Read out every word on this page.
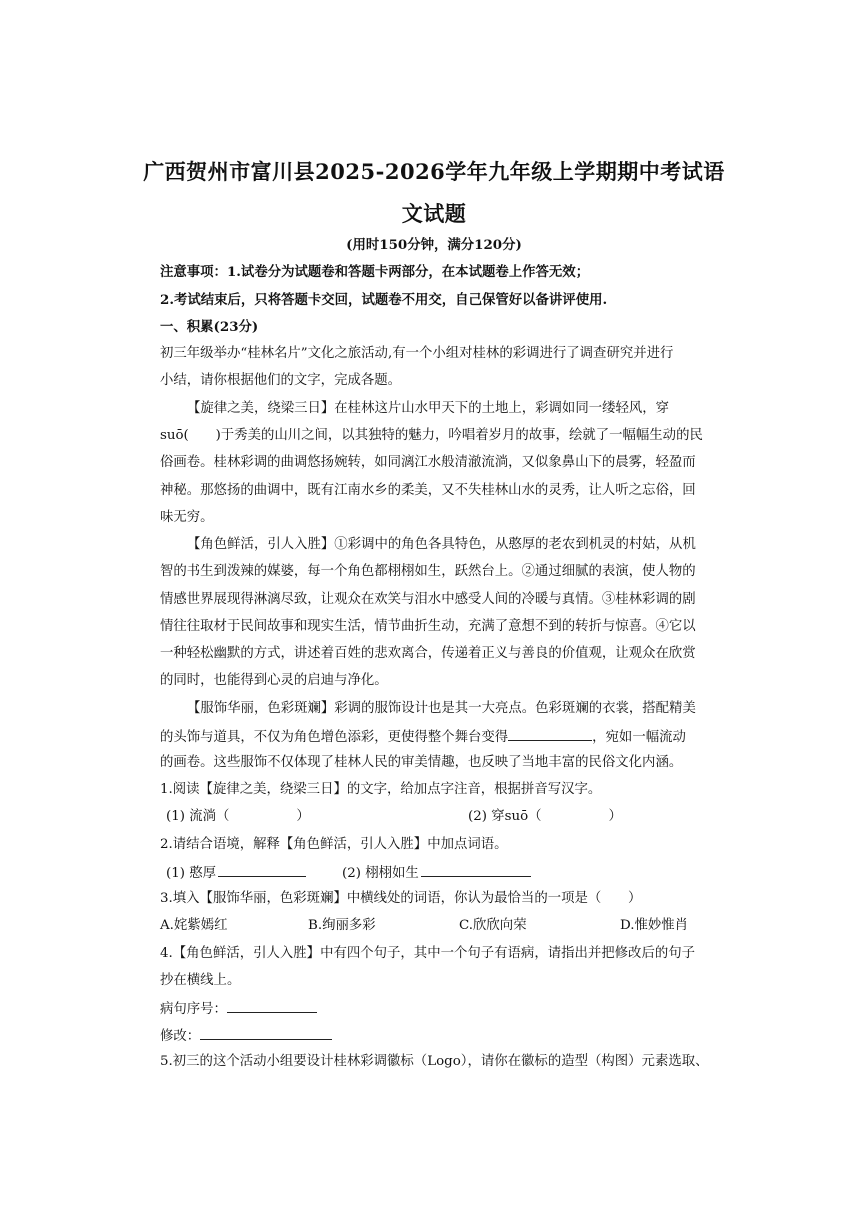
广西贺州市富川县2025-2026学年九年级上学期期中考试语
文试题
(用时150分钟，满分120分)
注意事项：1.试卷分为试题卷和答题卡两部分，在本试题卷上作答无效；
2.考试结束后，只将答题卡交回，试题卷不用交，自己保管好以备讲评使用.
一、积累(23分)
初三年级举办“桂林名片”文化之旅活动,有一个小组对桂林的彩调进行了调查研究并进行
小结，请你根据他们的文字，完成各题。
【旋律之美，绕梁三日】在桂林这片山水甲天下的土地上，彩调如同一缕轻风，穿
suō(　　)于秀美的山川之间，以其独特的魅力，吟唱着岁月的故事，绘就了一幅幅生动的民
俗画卷。桂林彩调的曲调悠扬婉转，如同漓江水般清澈流淌，又似象鼻山下的晨雾，轻盈而
神秘。那悠扬的曲调中，既有江南水乡的柔美，又不失桂林山水的灵秀，让人听之忘俗，回
味无穷。
【角色鲜活，引人入胜】①彩调中的角色各具特色，从憨厚的老农到机灵的村姑，从机
智的书生到泼辣的媒婆，每一个角色都栩栩如生，跃然台上。②通过细腻的表演，使人物的
情感世界展现得淋漓尽致，让观众在欢笑与泪水中感受人间的冷暖与真情。③桂林彩调的剧
情往往取材于民间故事和现实生活，情节曲折生动，充满了意想不到的转折与惊喜。④它以
一种轻松幽默的方式，讲述着百姓的悲欢离合，传递着正义与善良的价值观，让观众在欣赏
的同时，也能得到心灵的启迪与净化。
【服饰华丽，色彩斑斓】彩调的服饰设计也是其一大亮点。色彩斑斓的衣裳，搭配精美
的头饰与道具，不仅为角色增色添彩，更使得整个舞台变得	，宛如一幅流动
的画卷。这些服饰不仅体现了桂林人民的审美情趣，也反映了当地丰富的民俗文化内涵。
1.阅读【旋律之美，绕梁三日】的文字，给加点字注音，根据拼音写汉字。
(1) 流淌（　　　　　）	(2) 穿suō（　　　　　）
2.请结合语境，解释【角色鲜活，引人入胜】中加点词语。
(1) 憨厚	(2) 栩栩如生
3.填入【服饰华丽，色彩斑斓】中横线处的词语，你认为最恰当的一项是（　　）
A.姹紫嫣红	B.绚丽多彩	C.欣欣向荣	D.惟妙惟肖
4.【角色鲜活，引人入胜】中有四个句子，其中一个句子有语病，请指出并把修改后的句子
抄在横线上。
病句序号：
修改：
5.初三的这个活动小组要设计桂林彩调徽标（Logo），请你在徽标的造型（构图）元素选取、
